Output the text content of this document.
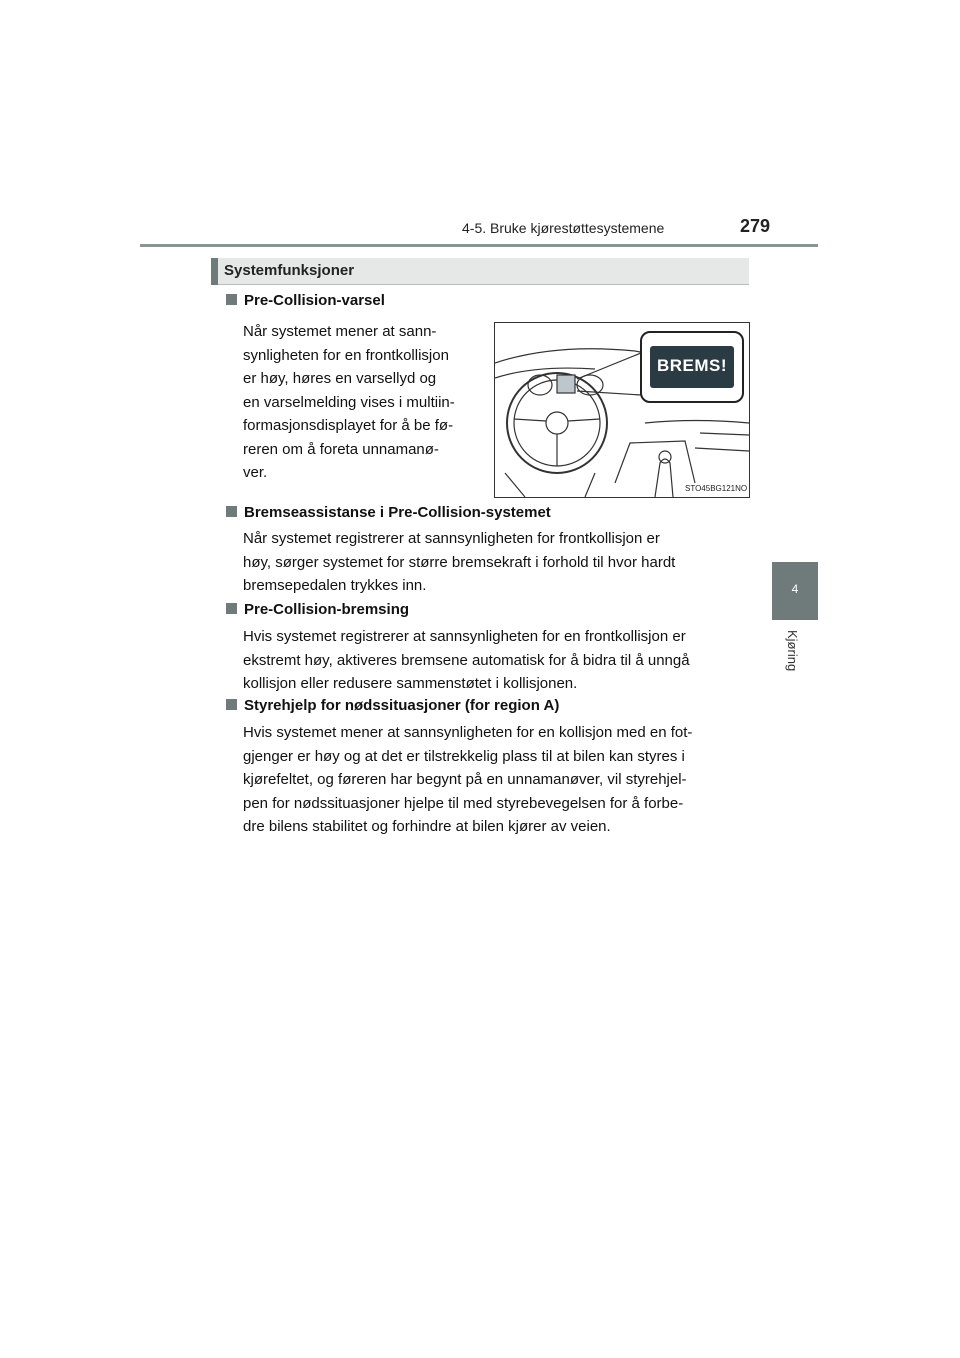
4-5. Bruke kjørestøttesystemene	279
4
Kjøring
Systemfunksjoner
Pre-Collision-varsel
Når systemet mener at sann-
synligheten for en frontkollisjon
er høy, høres en varsellyd og
en varselmelding vises i multiin-
formasjonsdisplayet for å be fø-
reren om å foreta unnamanø-
ver.
BREMS!
STO45BG121NO
Bremseassistanse i Pre-Collision-systemet
Når systemet registrerer at sannsynligheten for frontkollisjon er
høy, sørger systemet for større bremsekraft i forhold til hvor hardt
bremsepedalen trykkes inn.
Pre-Collision-bremsing
Hvis systemet registrerer at sannsynligheten for en frontkollisjon er
ekstremt høy, aktiveres bremsene automatisk for å bidra til å unngå
kollisjon eller redusere sammenstøtet i kollisjonen.
Styrehjelp for nødssituasjoner (for region A)
Hvis systemet mener at sannsynligheten for en kollisjon med en fot-
gjenger er høy og at det er tilstrekkelig plass til at bilen kan styres i
kjørefeltet, og føreren har begynt på en unnamanøver, vil styrehjel-
pen for nødssituasjoner hjelpe til med styrebevegelsen for å forbe-
dre bilens stabilitet og forhindre at bilen kjører av veien.
